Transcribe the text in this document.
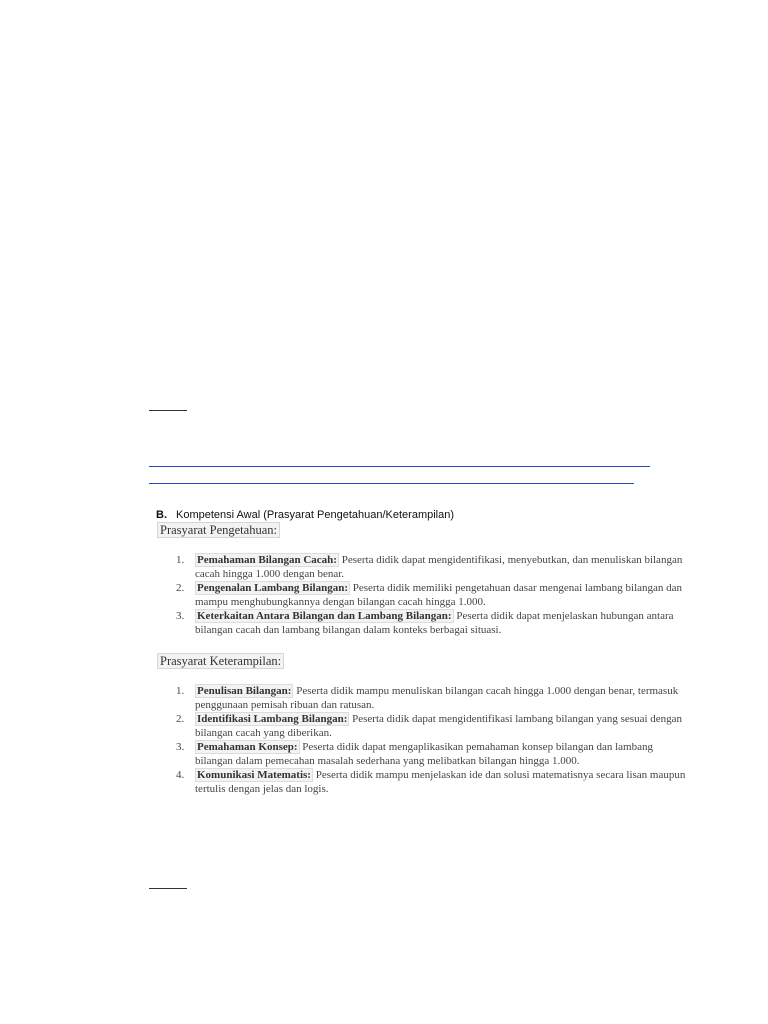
B. Kompetensi Awal (Prasyarat Pengetahuan/Keterampilan)
Prasyarat Pengetahuan:
1. Pemahaman Bilangan Cacah: Peserta didik dapat mengidentifikasi, menyebutkan, dan menuliskan bilangan cacah hingga 1.000 dengan benar.
2. Pengenalan Lambang Bilangan: Peserta didik memiliki pengetahuan dasar mengenai lambang bilangan dan mampu menghubungkannya dengan bilangan cacah hingga 1.000.
3. Keterkaitan Antara Bilangan dan Lambang Bilangan: Peserta didik dapat menjelaskan hubungan antara bilangan cacah dan lambang bilangan dalam konteks berbagai situasi.
Prasyarat Keterampilan:
1. Penulisan Bilangan: Peserta didik mampu menuliskan bilangan cacah hingga 1.000 dengan benar, termasuk penggunaan pemisah ribuan dan ratusan.
2. Identifikasi Lambang Bilangan: Peserta didik dapat mengidentifikasi lambang bilangan yang sesuai dengan bilangan cacah yang diberikan.
3. Pemahaman Konsep: Peserta didik dapat mengaplikasikan pemahaman konsep bilangan dan lambang bilangan dalam pemecahan masalah sederhana yang melibatkan bilangan hingga 1.000.
4. Komunikasi Matematis: Peserta didik mampu menjelaskan ide dan solusi matematisnya secara lisan maupun tertulis dengan jelas dan logis.
